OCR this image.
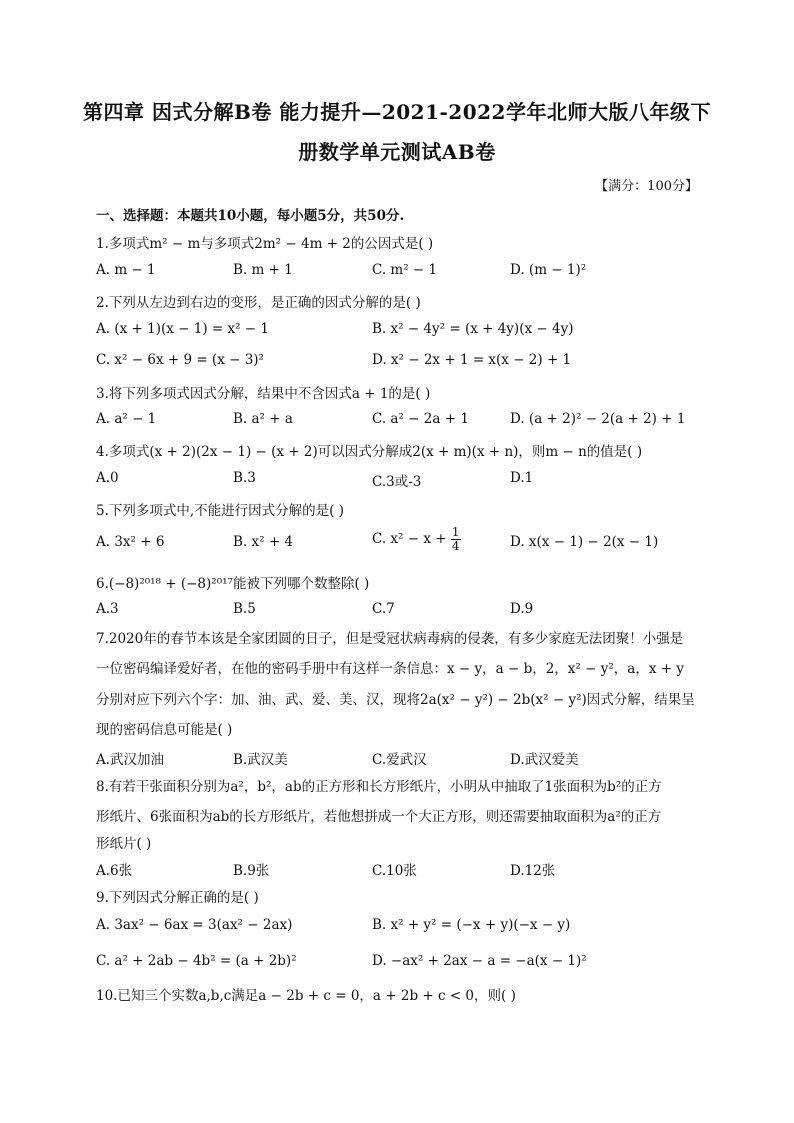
第四章 因式分解B卷 能力提升—2021-2022学年北师大版八年级下
册数学单元测试AB卷
【满分：100分】
一、选择题：本题共10小题，每小题5分，共50分.
1.多项式m² − m与多项式2m² − 4m + 2的公因式是( )
A. m − 1	B. m + 1	C. m² − 1	D. (m − 1)²
2.下列从左边到右边的变形，是正确的因式分解的是( )
A. (x + 1)(x − 1) = x² − 1	B. x² − 4y² = (x + 4y)(x − 4y)
C. x² − 6x + 9 = (x − 3)²	D. x² − 2x + 1 = x(x − 2) + 1
3.将下列多项式因式分解，结果中不含因式a + 1的是( )
A. a² − 1	B. a² + a	C. a² − 2a + 1	D. (a + 2)² − 2(a + 2) + 1
4.多项式(x + 2)(2x − 1) − (x + 2)可以因式分解成2(x + m)(x + n)，则m − n的值是( )
A.0	B.3	C.3或-3	D.1
5.下列多项式中,不能进行因式分解的是( )
A. 3x² + 6	B. x² + 4	C. $x^2 - x + \frac{1}{4}$	D. x(x − 1) − 2(x − 1)
6.(−8)²⁰¹⁸ + (−8)²⁰¹⁷能被下列哪个数整除( )
A.3	B.5	C.7	D.9
7.2020年的春节本该是全家团圆的日子，但是受冠状病毒病的侵袭，有多少家庭无法团聚！小强是
一位密码编译爱好者，在他的密码手册中有这样一条信息：x − y，a − b，2，x² − y²，a，x + y
分别对应下列六个字：加、油、武、爱、美、汉，现将2a(x² − y²) − 2b(x² − y²)因式分解，结果呈
现的密码信息可能是( )
A.武汉加油	B.武汉美	C.爱武汉	D.武汉爱美
8.有若干张面积分别为a²，b²，ab的正方形和长方形纸片，小明从中抽取了1张面积为b²的正方
形纸片、6张面积为ab的长方形纸片，若他想拼成一个大正方形，则还需要抽取面积为a²的正方
形纸片( )
A.6张	B.9张	C.10张	D.12张
9.下列因式分解正确的是( )
A. 3ax² − 6ax = 3(ax² − 2ax)	B. x² + y² = (−x + y)(−x − y)
C. a² + 2ab − 4b² = (a + 2b)²	D. −ax² + 2ax − a = −a(x − 1)²
10.已知三个实数a,b,c满足a − 2b + c = 0，a + 2b + c < 0，则( )
